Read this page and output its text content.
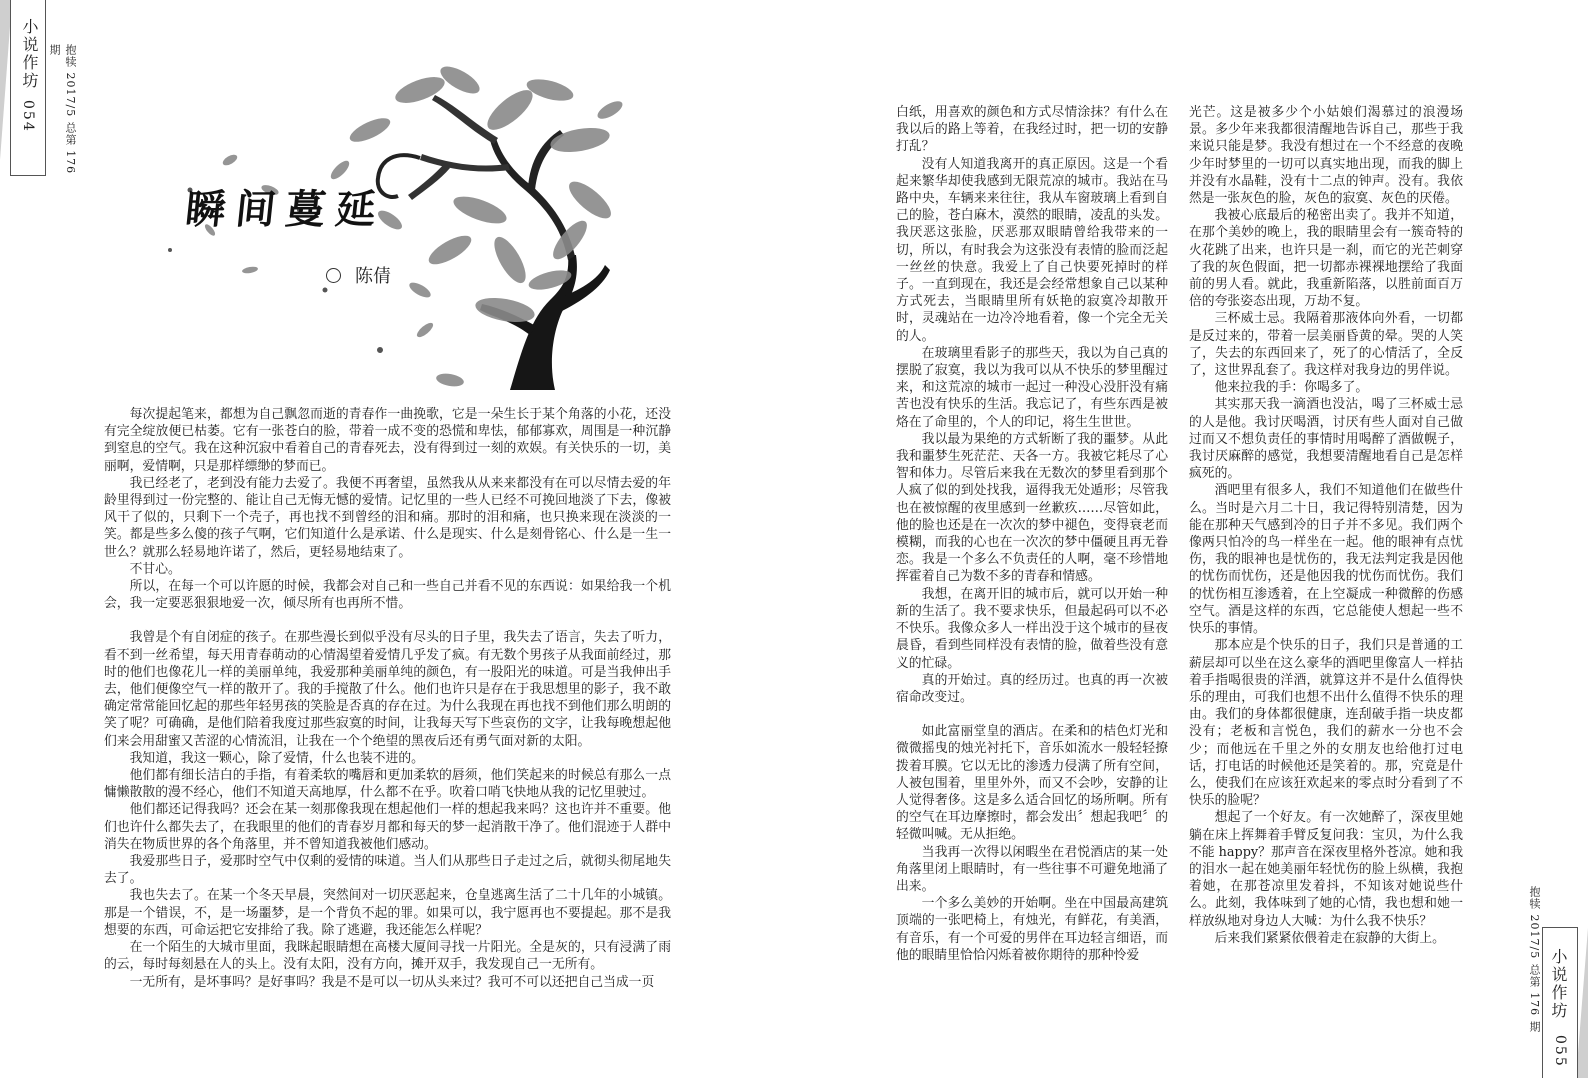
小说作坊
054	抱犊 2017/5 总第 176 期
瞬间蔓延
陈倩

每次提起笔来，都想为自己飘忽而逝的青春作一曲挽歌，它是一朵生长于某个角落的小花，还没有完全绽放便已枯萎。它有一张苍白的脸，带着一成不变的恐慌和卑怯，郁郁寡欢，周围是一种沉静到窒息的空气。我在这种沉寂中看着自己的青春死去，没有得到过一刻的欢娱。有关快乐的一切，美丽啊，爱情啊，只是那样缥缈的梦而已。

我已经老了，老到没有能力去爱了。我便不再奢望，虽然我从从来来都没有在可以尽情去爱的年龄里得到过一份完整的、能让自己无悔无憾的爱情。记忆里的一些人已经不可挽回地淡了下去，像被风干了似的，只剩下一个壳子，再也找不到曾经的泪和痛。那时的泪和痛，也只换来现在淡淡的一笑。都是些多么傻的孩子气啊，它们知道什么是承诺、什么是现实、什么是刻骨铭心、什么是一生一世么？就那么轻易地许诺了，然后，更轻易地结束了。

不甘心。

所以，在每一个可以许愿的时候，我都会对自己和一些自己并看不见的东西说：如果给我一个机会，我一定要恶狠狠地爱一次，倾尽所有也再所不惜。

我曾是个有自闭症的孩子。在那些漫长到似乎没有尽头的日子里，我失去了语言，失去了听力，看不到一丝希望，每天用青春萌动的心情渴望着爱情几乎发了疯。有无数个男孩子从我面前经过，那时的他们也像花儿一样的美丽单纯，我爱那种美丽单纯的颜色，有一股阳光的味道。可是当我伸出手去，他们便像空气一样的散开了。我的手搅散了什么。他们也许只是存在于我思想里的影子，我不敢确定常常能回忆起的那些年轻男孩的笑脸是否真的存在过。为什么我现在再也找不到他们那么明朗的笑了呢？可确确，是他们陪着我度过那些寂寞的时间，让我每天写下些哀伤的文字，让我每晚想起他们来会用甜蜜又苦涩的心情流泪，让我在一个个绝望的黑夜后还有勇气面对新的太阳。

我知道，我这一颗心，除了爱情，什么也装不进的。

他们都有细长洁白的手指，有着柔软的嘴唇和更加柔软的唇须，他们笑起来的时候总有那么一点慵懒散散的漫不经心，他们不知道天高地厚，什么都不在乎。吹着口哨飞快地从我的记忆里驶过。

他们都还记得我吗？还会在某一刻那像我现在想起他们一样的想起我来吗？这也许并不重要。他们也许什么都失去了，在我眼里的他们的青春岁月都和每天的梦一起消散干净了。他们混迹于人群中消失在物质世界的各个角落里，并不曾知道我被他们感动。

我爱那些日子，爱那时空气中仅剩的爱情的味道。当人们从那些日子走过之后，就彻头彻尾地失去了。

我也失去了。在某一个冬天早晨，突然间对一切厌恶起来，仓皇逃离生活了二十几年的小城镇。那是一个错误，不，是一场噩梦，是一个背负不起的罪。如果可以，我宁愿再也不要提起。那不是我想要的东西，可命运把它安排给了我。除了逃避，我还能怎么样呢？

在一个陌生的大城市里面，我眯起眼睛想在高楼大厦间寻找一片阳光。全是灰的，只有浸满了雨的云，每时每刻悬在人的头上。没有太阳，没有方向，摊开双手，我发现自己一无所有。

一无所有，是坏事吗？是好事吗？我是不是可以一切从头来过？我可不可以还把自己当成一页

白纸，用喜欢的颜色和方式尽情涂抹？有什么在我以后的路上等着，在我经过时，把一切的安静打乱？

没有人知道我离开的真正原因。这是一个看起来繁华却使我感到无限荒凉的城市。我站在马路中央，车辆来来往往，我从车窗玻璃上看到自己的脸，苍白麻木，漠然的眼睛，凌乱的头发。我厌恶这张脸，厌恶那双眼睛曾给我带来的一切，所以，有时我会为这张没有表情的脸而泛起一丝丝的快意。我爱上了自己快要死掉时的样子。一直到现在，我还是会经常想象自己以某种方式死去，当眼睛里所有妖艳的寂寞冷却散开时，灵魂站在一边冷冷地看着，像一个完全无关的人。

在玻璃里看影子的那些天，我以为自己真的摆脱了寂寞，我以为我可以从不快乐的梦里醒过来，和这荒凉的城市一起过一种没心没肝没有痛苦也没有快乐的生活。我忘记了，有些东西是被烙在了命里的，个人的印记，将生生世世。

我以最为果绝的方式斩断了我的噩梦。从此我和噩梦生死茫茫、天各一方。我被它耗尽了心智和体力。尽管后来我在无数次的梦里看到那个人疯了似的到处找我，逼得我无处遁形；尽管我也在被惊醒的夜里感到一丝歉疚……尽管如此，他的脸也还是在一次次的梦中褪色，变得衰老而模糊，而我的心也在一次次的梦中僵硬且再无眷恋。我是一个多么不负责任的人啊，毫不珍惜地挥霍着自己为数不多的青春和情感。

我想，在离开旧的城市后，就可以开始一种新的生活了。我不要求快乐，但最起码可以不必不快乐。我像众多人一样出没于这个城市的昼夜晨昏，看到些同样没有表情的脸，做着些没有意义的忙碌。

真的开始过。真的经历过。也真的再一次被宿命改变过。

如此富丽堂皇的酒店。在柔和的桔色灯光和微微摇曳的烛光衬托下，音乐如流水一般轻轻撩拨着耳膜。它以无比的渗透力侵满了所有空间，人被包围着，里里外外，而又不会吵，安静的让人觉得奢侈。这是多么适合回忆的场所啊。所有的空气在耳边摩擦时，都会发出〞想起我吧〞的轻微叫喊。无从拒绝。

当我再一次得以闲暇坐在君悦酒店的某一处角落里闭上眼睛时，有一些往事不可避免地涌了出来。

一个多么美妙的开始啊。坐在中国最高建筑顶端的一张吧椅上，有烛光，有鲜花，有美酒，有音乐，有一个可爱的男伴在耳边轻言细语，而他的眼睛里恰恰闪烁着被你期待的那种怜爱

光芒。这是被多少个小姑娘们渴慕过的浪漫场景。多少年来我都很清醒地告诉自己，那些于我来说只能是梦。我没有想过在一个不经意的夜晚少年时梦里的一切可以真实地出现，而我的脚上并没有水晶鞋，没有十二点的钟声。没有。我依然是一张灰色的脸，灰色的寂寞、灰色的厌倦。

我被心底最后的秘密出卖了。我并不知道，在那个美妙的晚上，我的眼睛里会有一簇奇特的火花跳了出来，也许只是一刹，而它的光芒刺穿了我的灰色假面，把一切都赤裸裸地摆给了我面前的男人看。就此，我重新陷落，以胜前面百万倍的夸张姿态出现，万劫不复。

三杯威士忌。我隔着那液体向外看，一切都是反过来的，带着一层美丽昏黄的晕。哭的人笑了，失去的东西回来了，死了的心情活了，全反了，这世界乱套了。我这样对我身边的男伴说。

他来拉我的手：你喝多了。

其实那天我一滴酒也没沾，喝了三杯威士忌的人是他。我讨厌喝酒，讨厌有些人面对自己做过而又不想负责任的事情时用喝醉了酒做幌子，我讨厌麻醉的感觉，我想要清醒地看自己是怎样疯死的。

酒吧里有很多人，我们不知道他们在做些什么。当时是六月二十日，我记得特别清楚，因为能在那种天气感到冷的日子并不多见。我们两个像两只怕冷的鸟一样坐在一起。他的眼神有点忧伤，我的眼神也是忧伤的，我无法判定我是因他的忧伤而忧伤，还是他因我的忧伤而忧伤。我们的忧伤相互渗透着，在上空凝成一种微醉的伤感空气。酒是这样的东西，它总能使人想起一些不快乐的事情。

那本应是个快乐的日子，我们只是普通的工薪层却可以坐在这么豪华的酒吧里像富人一样拈着手指喝很贵的洋酒，就算这并不是什么值得快乐的理由，可我们也想不出什么值得不快乐的理由。我们的身体都很健康，连刮破手指一块皮都没有；老板和言悦色，我们的薪水一分也不会少；而他远在千里之外的女朋友也给他打过电话，打电话的时候他还是笑着的。那，究竟是什么，使我们在应该狂欢起来的零点时分看到了不快乐的脸呢？

想起了一个好友。有一次她醉了，深夜里她躺在床上挥舞着手臂反复问我：宝贝，为什么我不能 happy？那声音在深夜里格外苍凉。她和我的泪水一起在她美丽年轻忧伤的脸上纵横，我抱着她，在那苍凉里发着抖，不知该对她说些什么。此刻，我体味到了她的心情，我也想和她一样放纵地对身边人大喊：为什么我不快乐？

后来我们紧紧依偎着走在寂静的大街上。	抱犊 2017/5 总第 176 期 小说作坊
055
